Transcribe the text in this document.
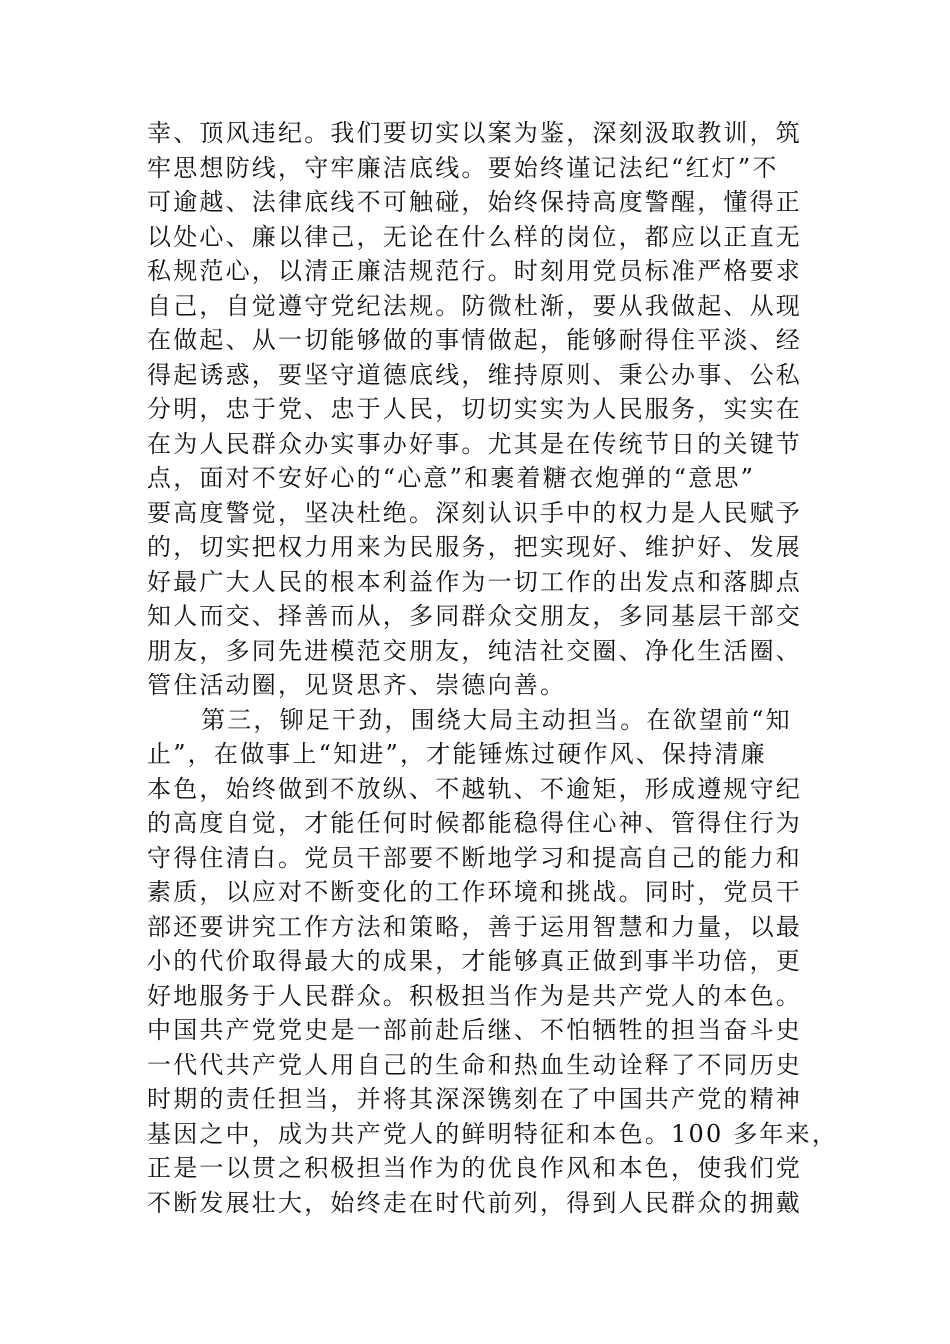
幸、顶风违纪。我们要切实以案为鉴，深刻汲取教训，筑
牢思想防线，守牢廉洁底线。要始终谨记法纪“红灯”不
可逾越、法律底线不可触碰，始终保持高度警醒，懂得正
以处心、廉以律己，无论在什么样的岗位，都应以正直无
私规范心，以清正廉洁规范行。时刻用党员标准严格要求
自己，自觉遵守党纪法规。防微杜渐，要从我做起、从现
在做起、从一切能够做的事情做起，能够耐得住平淡、经
得起诱惑，要坚守道德底线，维持原则、秉公办事、公私
分明，忠于党、忠于人民，切切实实为人民服务，实实在
在为人民群众办实事办好事。尤其是在传统节日的关键节
点，面对不安好心的“心意”和裹着糖衣炮弹的“意思”
要高度警觉，坚决杜绝。深刻认识手中的权力是人民赋予
的，切实把权力用来为民服务，把实现好、维护好、发展
好最广大人民的根本利益作为一切工作的出发点和落脚点
知人而交、择善而从，多同群众交朋友，多同基层干部交
朋友，多同先进模范交朋友，纯洁社交圈、净化生活圈、
管住活动圈，见贤思齐、崇德向善。
第三，铆足干劲，围绕大局主动担当。在欲望前“知
止”，在做事上“知进”，才能锤炼过硬作风、保持清廉
本色，始终做到不放纵、不越轨、不逾矩，形成遵规守纪
的高度自觉，才能任何时候都能稳得住心神、管得住行为
守得住清白。党员干部要不断地学习和提高自己的能力和
素质，以应对不断变化的工作环境和挑战。同时，党员干
部还要讲究工作方法和策略，善于运用智慧和力量，以最
小的代价取得最大的成果，才能够真正做到事半功倍，更
好地服务于人民群众。积极担当作为是共产党人的本色。
中国共产党党史是一部前赴后继、不怕牺牲的担当奋斗史
一代代共产党人用自己的生命和热血生动诠释了不同历史
时期的责任担当，并将其深深镌刻在了中国共产党的精神
基因之中，成为共产党人的鲜明特征和本色。100 多年来，
正是一以贯之积极担当作为的优良作风和本色，使我们党
不断发展壮大，始终走在时代前列，得到人民群众的拥戴
